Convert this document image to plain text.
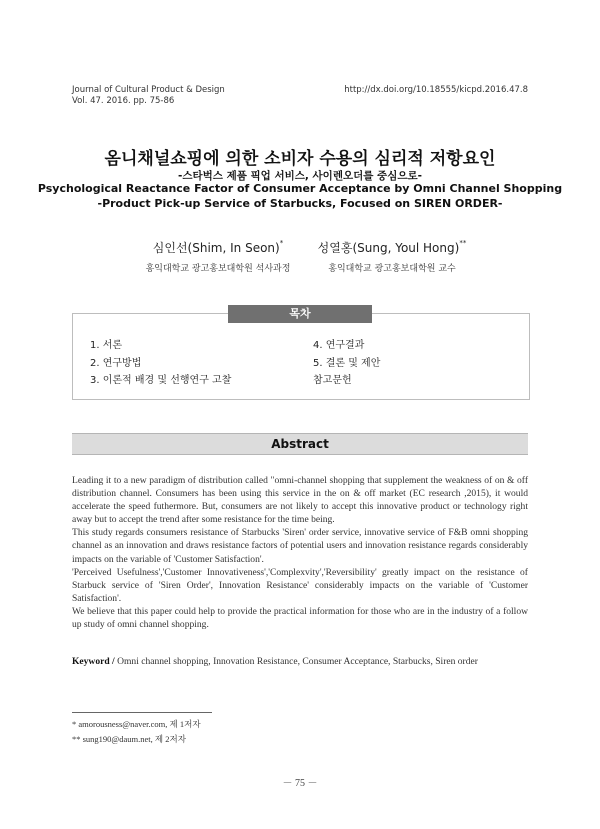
Journal of Cultural Product & Design
Vol. 47. 2016. pp. 75-86
http://dx.doi.org/10.18555/kicpd.2016.47.8
옴니채널쇼핑에 의한 소비자 수용의 심리적 저항요인
-스타벅스 제품 픽업 서비스, 사이렌오더를 중심으로-
Psychological Reactance Factor of Consumer Acceptance by Omni Channel Shopping
-Product Pick-up Service of Starbucks, Focused on SIREN ORDER-
심인선(Shim, In Seon)*
홍익대학교 광고홍보대학원 석사과정
성열홍(Sung, Youl Hong)**
홍익대학교 광고홍보대학원 교수
목차
1. 서론
2. 연구방법
3. 이론적 배경 및 선행연구 고찰
4. 연구결과
5. 결론 및 제안
참고문헌
Abstract

Leading it to a new paradigm of distribution called "omni-channel shopping that supplement the weakness of on & off distribution channel. Consumers has been using this service in the on & off market (EC research ,2015), it would accelerate the speed futhermore. But, consumers are not likely to accept this innovative product or technology right away but to accept the trend after some resistance for the time being.

This study regards consumers resistance of Starbucks 'Siren' order service, innovative service of F&B omni shopping channel as an innovation and draws resistance factors of potential users and innovation resistance regards considerably impacts on the variable of 'Customer Satisfaction'.

'Perceived Usefulness','Customer Innovativeness','Complexvity','Reversibility' greatly impact on the resistance of Starbuck service of 'Siren Order', Innovation Resistance' considerably impacts on the variable of 'Customer Satisfaction'.

We believe that this paper could help to provide the practical information for those who are in the industry of a follow up study of omni channel shopping.

Keyword / Omni channel shopping, Innovation Resistance, Consumer Acceptance, Starbucks, Siren order
* amorousness@naver.com, 제 1저자
** sung190@daum.net, 제 2저자
－ 75 －
